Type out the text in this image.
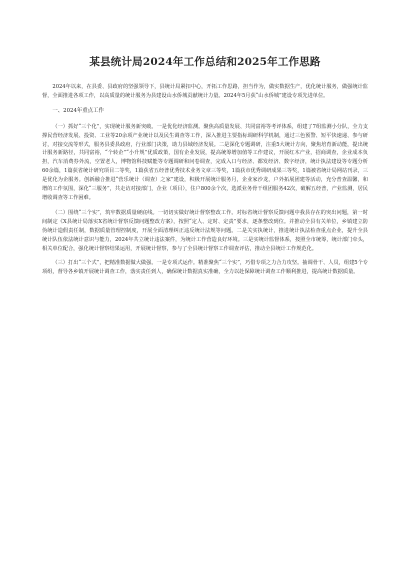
某县统计局2024年工作总结和2025年工作思路

2024年以来，在县委、县政府的坚强领导下，县统计局紧扣中心，开拓工作思路，担当作为，做实数据生产，优化统计服务，做强统计监督，全面推进各项工作，以高质量的统计服务为县建设山水侨城贡献统计力量。2024年5月获“山水侨城”建设专项先进单位。

一、2024年重点工作

（一）抓好“三个化”，实现统计服务新突破。一是优化经济监测。聚焦高质量发展、共同富裕等考评体系，组建了7组监测小分队，全力支撑民营经济发展、投资、工业等20余项产业统计以及民生调查等工作，深入推进主要指标调研科学机制，通过三色预警、短平快速递、参与研讨，对接交流等形式，服务县委县政府，行业部门决策，助力县域经济发展。二是深化专题调研，注重5大统计方向，聚焦培育新动能，提出统计服务新路径，共同富裕，“个转企”“小升规”优质政策，国有企业发展，提高统筹增加值等工作建议，开展红木产业，招商调查，企业成本负担，汽车消费券外流，空置老人，博物馆科技赋能等专题调研和问卷调查，完成入口与经济、都发经济、数字经济，统计执法建设等专题分析60余篇，1篇获省统计研究项目二等奖，1篇获省五经普优秀技术业务文章三等奖，1篇获市优秀调研成果三等奖，1篇被省统计局网站刊录，三是优化为企服务。创新融合推进“营乐统计（调查）之家”建设，积极开展统计服务月，企业家沙龙，户外拓展团建等活动，充分普查温馨，和增的工作氛围，深化“三服务”，共走访对接部门，企业（项目），住户800余个次，选派业务骨干组团服务42次，破解五经普，产业监测，居民增收调查等工作困难。

（二）围绕“三个实”，筑牢数据质量硬底线。一切切实做好统计督察整改工作。对标省统计督察反馈问题中我县存在的突出问题，第一时间制定《X县统计局落实X省统计督察反馈问题整改方案》，按照“定人、定时、定责”要求，逐条整改到位。并推动全县有关单位，乡镇建立防伪统计造假责任制，数据质量管理控制度，开展全面清理纠正违反统计法规等问题。二是关实执统计，推进统计执法检查重点企业，提升全县统计队伍依法统计意识与能力，2024年共立统计违法案件，为统计工作营造良好环境。三是实统计监督体系，按照全市统筹，统计部门牵头，相关单位配合，强化统计督察结果运用，开展统计督察，参与了全县统计督察工作调查评估，推动全县统计工作规范化。

（三）打出“三个式”，把精准数据做大做强。一是专项式运作。精准聚焦“三个实”，巧借专项之力合力攻坚。抽调骨干、人员，组建5个专项组，督导各乡镇开展统计调查工作，落实责任到人，确保统计数据真实准确，全力以赴保障统计调查工作顺利推进，提高统计数据质量。
